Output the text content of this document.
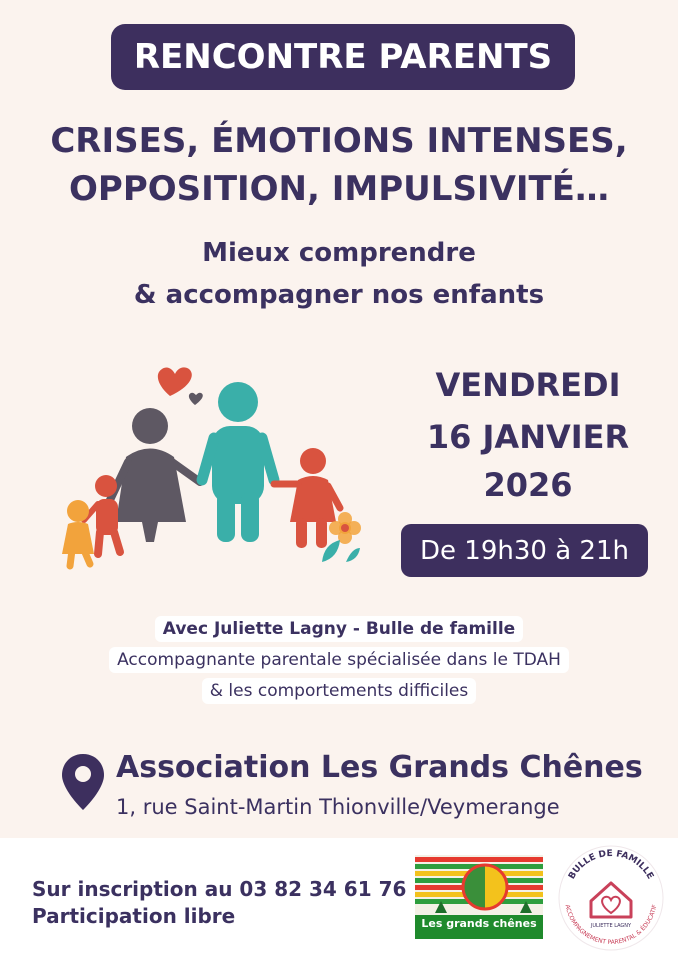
RENCONTRE PARENTS
CRISES, ÉMOTIONS INTENSES,
OPPOSITION, IMPULSIVITÉ…
Mieux comprendre
& accompagner nos enfants
VENDREDI
16 JANVIER
2026
De 19h30 à 21h
Avec Juliette Lagny - Bulle de famille
Accompagnante parentale spécialisée dans le TDAH
& les comportements difficiles
Association Les Grands Chênes
1, rue Saint-Martin Thionville/Veymerange
Sur inscription au 03 82 34 61 76
Participation libre	Les grands chênes
BULLE DE FAMILLE
ACCOMPAGNEMENT PARENTAL & ÉDUCATIF
JULIETTE LAGNY
